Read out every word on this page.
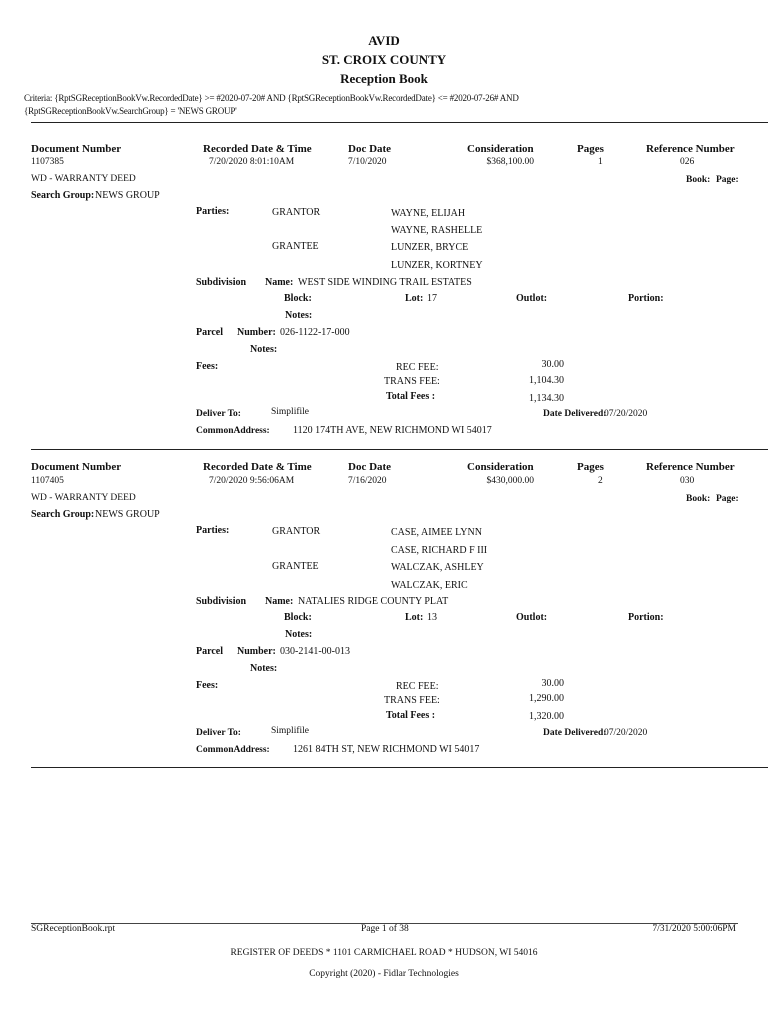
AVID
ST. CROIX COUNTY
Reception Book
Criteria: {RptSGReceptionBookVw.RecordedDate} >= #2020-07-20# AND {RptSGReceptionBookVw.RecordedDate} <= #2020-07-26# AND
{RptSGReceptionBookVw.SearchGroup} = 'NEWS GROUP'
Document Number	Recorded Date & Time	Doc Date	Consideration	Pages	Reference Number
1107385	7/20/2020 8:01:10AM	7/10/2020	$368,100.00	1	026
WD - WARRANTY DEED	Book: Page:
Search Group: NEWS GROUP
Parties:	GRANTOR	WAYNE, ELIJAH
WAYNE, RASHELLE
GRANTEE	LUNZER, BRYCE
LUNZER, KORTNEY
Subdivision Name: WEST SIDE WINDING TRAIL ESTATES
Block:	Lot: 17	Outlot:	Portion:
Notes:
Parcel Number: 026-1122-17-000
Notes:
Fees:	REC FEE:	30.00
TRANS FEE:	1,104.30
Total Fees :	1,134.30
Deliver To:	Simplifile	Date Delivered:
07/20/2020
CommonAddress: 1120 174TH AVE, NEW RICHMOND WI 54017
Document Number	Recorded Date & Time	Doc Date	Consideration	Pages	Reference Number
1107405	7/20/2020 9:56:06AM	7/16/2020	$430,000.00	2	030
WD - WARRANTY DEED	Book: Page:
Search Group: NEWS GROUP
Parties:	GRANTOR	CASE, AIMEE LYNN
CASE, RICHARD F III
GRANTEE	WALCZAK, ASHLEY
WALCZAK, ERIC
Subdivision Name: NATALIES RIDGE COUNTY PLAT
Block:	Lot: 13	Outlot:	Portion:
Notes:
Parcel Number: 030-2141-00-013
Notes:
Fees:	REC FEE:	30.00
TRANS FEE:	1,290.00
Total Fees :	1,320.00
Deliver To:	Simplifile	Date Delivered:
07/20/2020
CommonAddress: 1261 84TH ST, NEW RICHMOND WI 54017
SGReceptionBook.rpt	Page 1 of 38	7/31/2020 5:00:06PM
REGISTER OF DEEDS * 1101 CARMICHAEL ROAD * HUDSON, WI 54016
Copyright (2020) - Fidlar Technologies
